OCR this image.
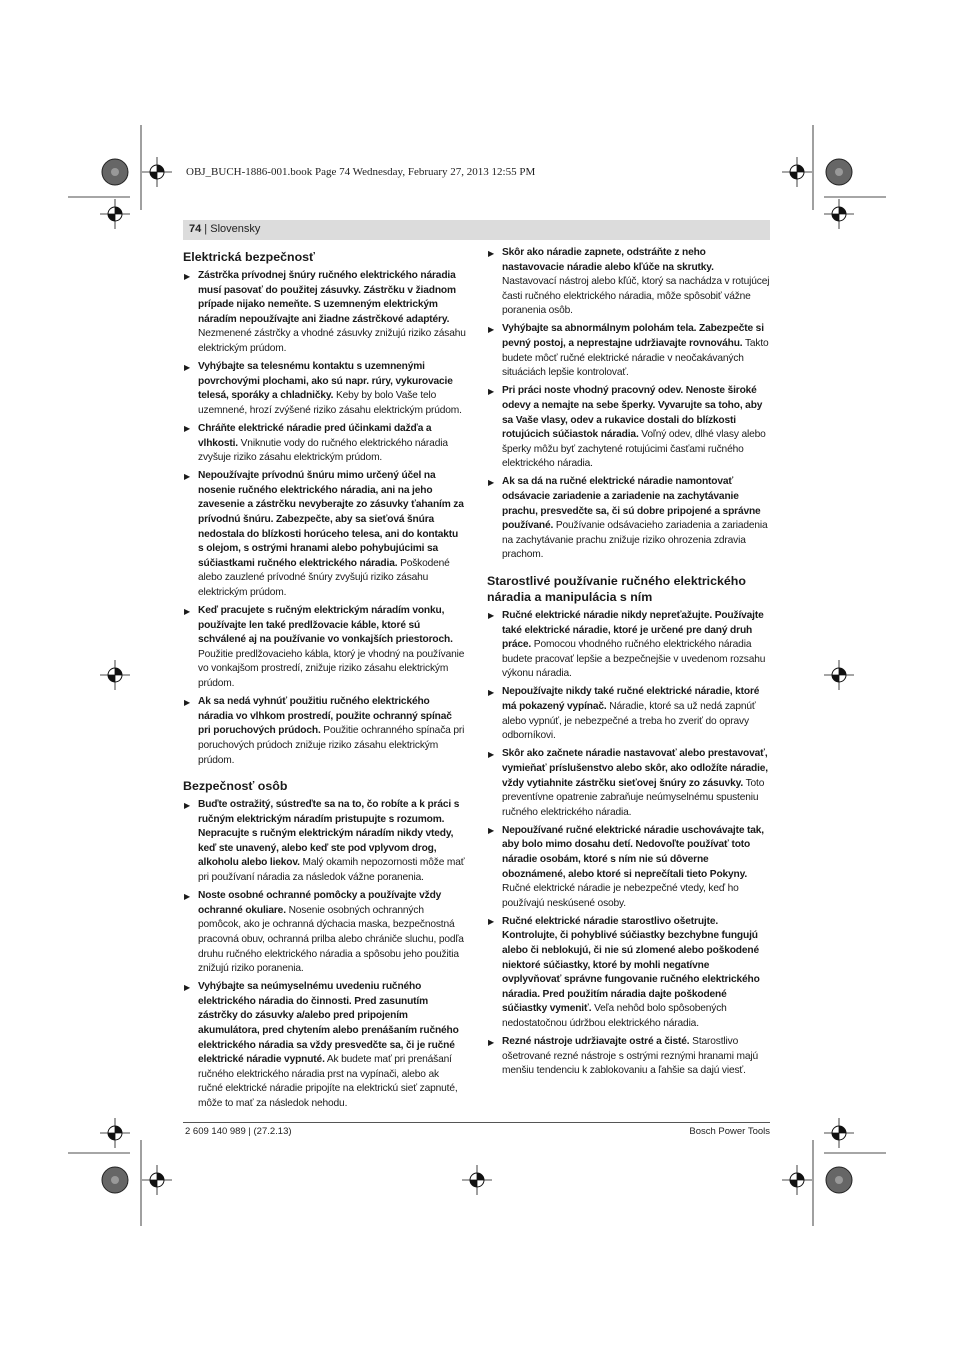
OBJ_BUCH-1886-001.book Page 74 Wednesday, February 27, 2013 12:55 PM
74 | Slovensky
Elektrická bezpečnosť
▶ Zástrčka prívodnej šnúry ručného elektrického náradia musí pasovať do použitej zásuvky. Zástrčku v žiadnom prípade nijako nemeňte. S uzemneným elektrickým náradím nepoužívajte ani žiadne zástrčkové adaptéry. Nezmenené zástrčky a vhodné zásuvky znižujú riziko zásahu elektrickým prúdom.
▶ Vyhýbajte sa telesnému kontaktu s uzemnenými povrchovými plochami, ako sú napr. rúry, vykurovacie telesá, sporáky a chladničky. Keby by bolo Vaše telo uzemnené, hrozí zvýšené riziko zásahu elektrickým prúdom.
▶ Chráňte elektrické náradie pred účinkami dažďa a vlhkosti. Vniknutie vody do ručného elektrického náradia zvyšuje riziko zásahu elektrickým prúdom.
▶ Nepoužívajte prívodnú šnúru mimo určený účel na nosenie ručného elektrického náradia, ani na jeho zavesenie a zástrčku nevyberajte zo zásuvky ťahaním za prívodnú šnúru. Zabezpečte, aby sa sieťová šnúra nedostala do blízkosti horúceho telesa, ani do kontaktu s olejom, s ostrými hranami alebo pohybujúcimi sa súčiastkami ručného elektrického náradia. Poškodené alebo zauzlené prívodné šnúry zvyšujú riziko zásahu elektrickým prúdom.
▶ Keď pracujete s ručným elektrickým náradím vonku, používajte len také predlžovacie káble, ktoré sú schválené aj na používanie vo vonkajších priestoroch. Použitie predlžovacieho kábla, ktorý je vhodný na používanie vo vonkajšom prostredí, znižuje riziko zásahu elektrickým prúdom.
▶ Ak sa nedá vyhnúť použitiu ručného elektrického náradia vo vlhkom prostredí, použite ochranný spínač pri poruchových prúdoch. Použitie ochranného spínača pri poruchových prúdoch znižuje riziko zásahu elektrickým prúdom.
Bezpečnosť osôb
▶ Buďte ostražitý, sústreďte sa na to, čo robíte a k práci s ručným elektrickým náradím pristupujte s rozumom. Nepracujte s ručným elektrickým náradím nikdy vtedy, keď ste unavený, alebo keď ste pod vplyvom drog, alkoholu alebo liekov. Malý okamih nepozornosti môže mať pri používaní náradia za následok vážne poranenia.
▶ Noste osobné ochranné pomôcky a používajte vždy ochranné okuliare. Nosenie osobných ochranných pomôcok, ako je ochranná dýchacia maska, bezpečnostná pracovná obuv, ochranná prilba alebo chrániče sluchu, podľa druhu ručného elektrického náradia a spôsobu jeho použitia znižujú riziko poranenia.
▶ Vyhýbajte sa neúmyselnému uvedeniu ručného elektrického náradia do činnosti. Pred zasunutím zástrčky do zásuvky a/alebo pred pripojením akumulátora, pred chytením alebo prenášaním ručného elektrického náradia sa vždy presvedčte sa, či je ručné elektrické náradie vypnuté. Ak budete mať pri prenášaní ručného elektrického náradia prst na vypínači, alebo ak ručné elektrické náradie pripojíte na elektrickú sieť zapnuté, môže to mať za následok nehodu.
▶ Skôr ako náradie zapnete, odstráňte z neho nastavovacie náradie alebo kľúče na skrutky. Nastavovací nástroj alebo kľúč, ktorý sa nachádza v rotujúcej časti ručného elektrického náradia, môže spôsobiť vážne poranenia osôb.
▶ Vyhýbajte sa abnormálnym polohám tela. Zabezpečte si pevný postoj, a neprestajne udržiavajte rovnováhu. Takto budete môcť ručné elektrické náradie v neočakávaných situáciách lepšie kontrolovať.
▶ Pri práci noste vhodný pracovný odev. Nenoste široké odevy a nemajte na sebe šperky. Vyvarujte sa toho, aby sa Vaše vlasy, odev a rukavice dostali do blízkosti rotujúcich súčiastok náradia. Voľný odev, dlhé vlasy alebo šperky môžu byť zachytené rotujúcimi časťami ručného elektrického náradia.
▶ Ak sa dá na ručné elektrické náradie namontovať odsávacie zariadenie a zariadenie na zachytávanie prachu, presvedčte sa, či sú dobre pripojené a správne používané. Používanie odsávacieho zariadenia a zariadenia na zachytávanie prachu znižuje riziko ohrozenia zdravia prachom.
Starostlivé používanie ručného elektrického náradia a manipulácia s ním
▶ Ručné elektrické náradie nikdy nepreťažujte. Používajte také elektrické náradie, ktoré je určené pre daný druh práce. Pomocou vhodného ručného elektrického náradia budete pracovať lepšie a bezpečnejšie v uvedenom rozsahu výkonu náradia.
▶ Nepoužívajte nikdy také ručné elektrické náradie, ktoré má pokazený vypínač. Náradie, ktoré sa už nedá zapnúť alebo vypnúť, je nebezpečné a treba ho zveriť do opravy odborníkovi.
▶ Skôr ako začnete náradie nastavovať alebo prestavovať, vymieňať príslušenstvo alebo skôr, ako odložíte náradie, vždy vytiahnite zástrčku sieťovej šnúry zo zásuvky. Toto preventívne opatrenie zabraňuje neúmyselnému spusteniu ručného elektrického náradia.
▶ Nepoužívané ručné elektrické náradie uschovávajte tak, aby bolo mimo dosahu detí. Nedovoľte používať toto náradie osobám, ktoré s ním nie sú dôverne oboznámené, alebo ktoré si neprečítali tieto Pokyny. Ručné elektrické náradie je nebezpečné vtedy, keď ho používajú neskúsené osoby.
▶ Ručné elektrické náradie starostlivo ošetrujte. Kontrolujte, či pohyblivé súčiastky bezchybne fungujú alebo či neblokujú, či nie sú zlomené alebo poškodené niektoré súčiastky, ktoré by mohli negatívne ovplyvňovať správne fungovanie ručného elektrického náradia. Pred použitím náradia dajte poškodené súčiastky vymeniť. Veľa nehôd bolo spôsobených nedostatočnou údržbou elektrického náradia.
▶ Rezné nástroje udržiavajte ostré a čisté. Starostlivo ošetrované rezné nástroje s ostrými reznými hranami majú menšiu tendenciu k zablokovaniu a ľahšie sa dajú viesť.
2 609 140 989 | (27.2.13)	Bosch Power Tools
